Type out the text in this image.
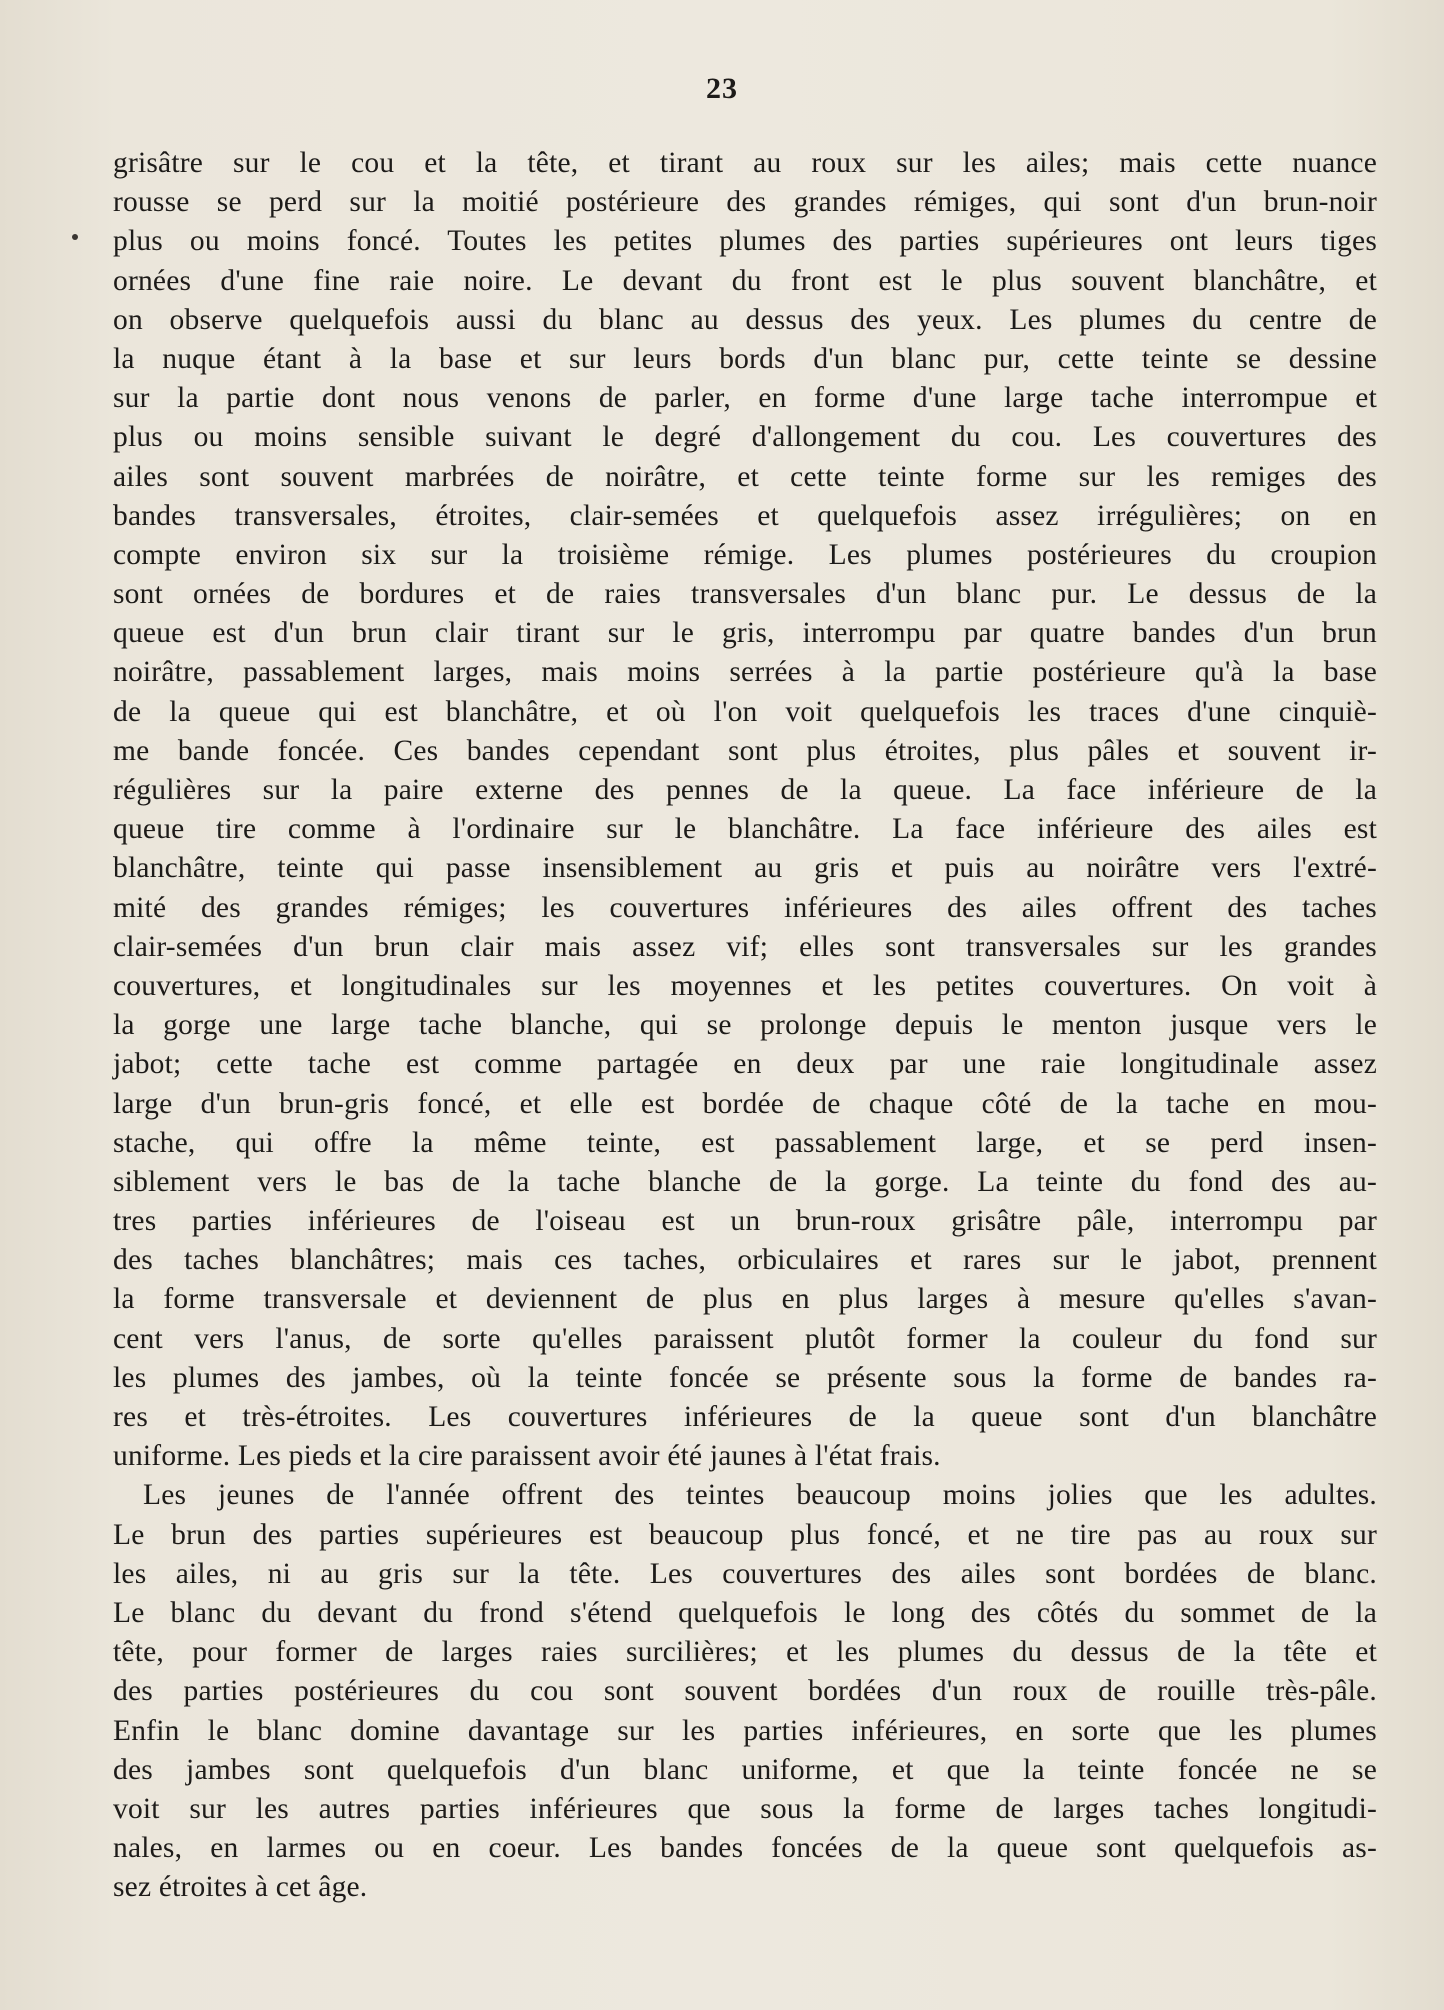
23
grisâtre sur le cou et la tête, et tirant au roux sur les ailes; mais cette nuance
rousse se perd sur la moitié postérieure des grandes rémiges, qui sont d'un brun-noir
plus ou moins foncé. Toutes les petites plumes des parties supérieures ont leurs tiges
ornées d'une fine raie noire. Le devant du front est le plus souvent blanchâtre, et
on observe quelquefois aussi du blanc au dessus des yeux. Les plumes du centre de
la nuque étant à la base et sur leurs bords d'un blanc pur, cette teinte se dessine
sur la partie dont nous venons de parler, en forme d'une large tache interrompue et
plus ou moins sensible suivant le degré d'allongement du cou. Les couvertures des
ailes sont souvent marbrées de noirâtre, et cette teinte forme sur les remiges des
bandes transversales, étroites, clair-semées et quelquefois assez irrégulières; on en
compte environ six sur la troisième rémige. Les plumes postérieures du croupion
sont ornées de bordures et de raies transversales d'un blanc pur. Le dessus de la
queue est d'un brun clair tirant sur le gris, interrompu par quatre bandes d'un brun
noirâtre, passablement larges, mais moins serrées à la partie postérieure qu'à la base
de la queue qui est blanchâtre, et où l'on voit quelquefois les traces d'une cinquiè-
me bande foncée. Ces bandes cependant sont plus étroites, plus pâles et souvent ir-
régulières sur la paire externe des pennes de la queue. La face inférieure de la
queue tire comme à l'ordinaire sur le blanchâtre. La face inférieure des ailes est
blanchâtre, teinte qui passe insensiblement au gris et puis au noirâtre vers l'extré-
mité des grandes rémiges; les couvertures inférieures des ailes offrent des taches
clair-semées d'un brun clair mais assez vif; elles sont transversales sur les grandes
couvertures, et longitudinales sur les moyennes et les petites couvertures. On voit à
la gorge une large tache blanche, qui se prolonge depuis le menton jusque vers le
jabot; cette tache est comme partagée en deux par une raie longitudinale assez
large d'un brun-gris foncé, et elle est bordée de chaque côté de la tache en mou-
stache, qui offre la même teinte, est passablement large, et se perd insen-
siblement vers le bas de la tache blanche de la gorge. La teinte du fond des au-
tres parties inférieures de l'oiseau est un brun-roux grisâtre pâle, interrompu par
des taches blanchâtres; mais ces taches, orbiculaires et rares sur le jabot, prennent
la forme transversale et deviennent de plus en plus larges à mesure qu'elles s'avan-
cent vers l'anus, de sorte qu'elles paraissent plutôt former la couleur du fond sur
les plumes des jambes, où la teinte foncée se présente sous la forme de bandes ra-
res et très-étroites. Les couvertures inférieures de la queue sont d'un blanchâtre
uniforme. Les pieds et la cire paraissent avoir été jaunes à l'état frais.
Les jeunes de l'année offrent des teintes beaucoup moins jolies que les adultes.
Le brun des parties supérieures est beaucoup plus foncé, et ne tire pas au roux sur
les ailes, ni au gris sur la tête. Les couvertures des ailes sont bordées de blanc.
Le blanc du devant du frond s'étend quelquefois le long des côtés du sommet de la
tête, pour former de larges raies surcilières; et les plumes du dessus de la tête et
des parties postérieures du cou sont souvent bordées d'un roux de rouille très-pâle.
Enfin le blanc domine davantage sur les parties inférieures, en sorte que les plumes
des jambes sont quelquefois d'un blanc uniforme, et que la teinte foncée ne se
voit sur les autres parties inférieures que sous la forme de larges taches longitudi-
nales, en larmes ou en coeur. Les bandes foncées de la queue sont quelquefois as-
sez étroites à cet âge.
